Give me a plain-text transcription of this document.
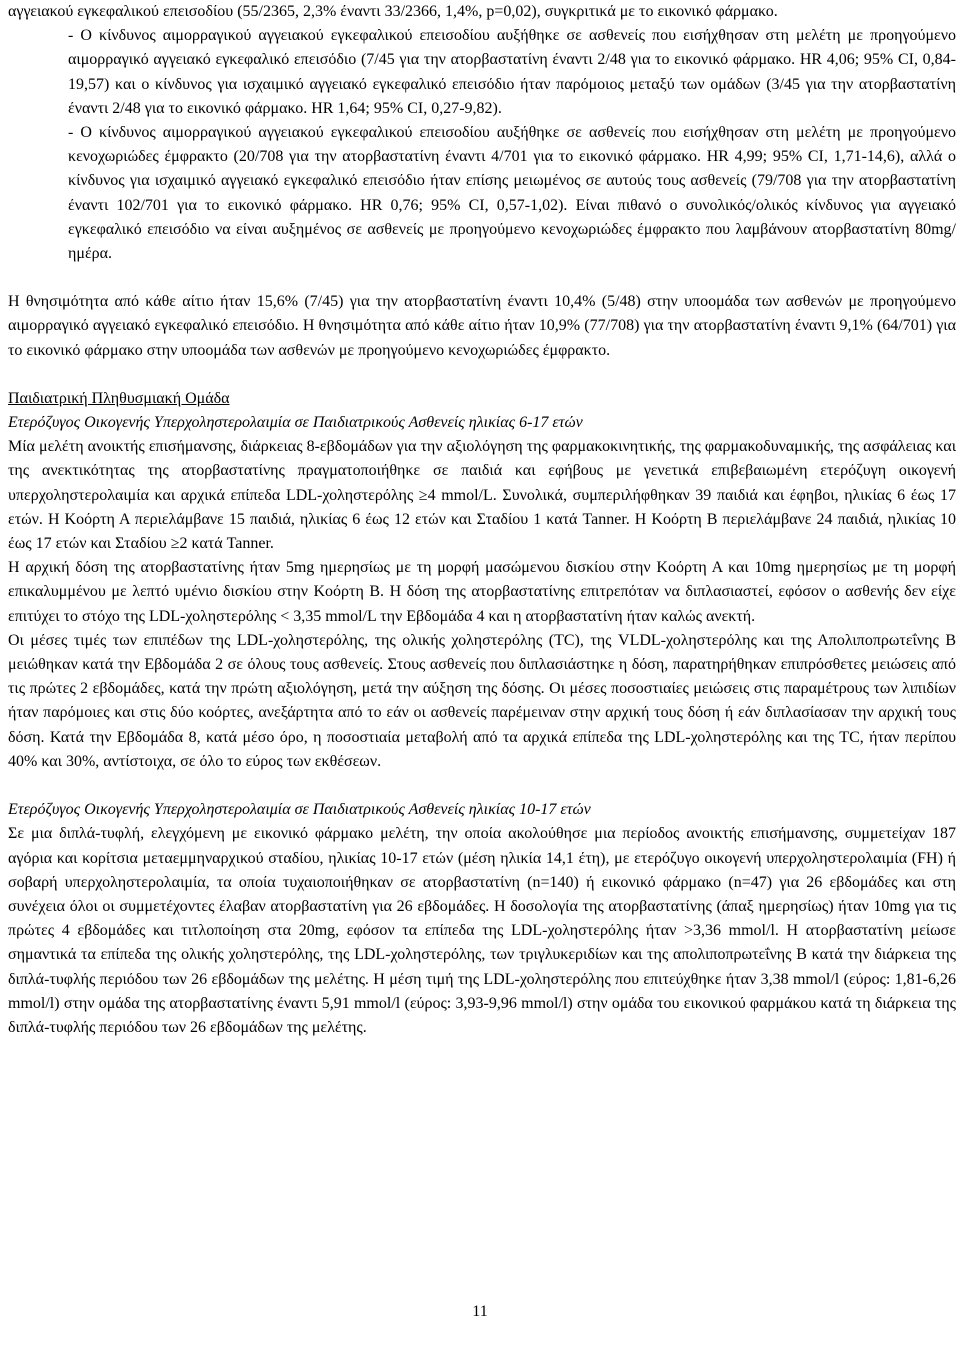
αγγειακού εγκεφαλικού επεισοδίου (55/2365, 2,3% έναντι 33/2366, 1,4%, p=0,02), συγκριτικά με το εικονικό φάρμακο.

- Ο κίνδυνος αιμορραγικού αγγειακού εγκεφαλικού επεισοδίου αυξήθηκε σε ασθενείς που εισήχθησαν στη μελέτη με προηγούμενο αιμορραγικό αγγειακό εγκεφαλικό επεισόδιο (7/45 για την ατορβαστατίνη έναντι 2/48 για το εικονικό φάρμακο. HR 4,06; 95% CI, 0,84-19,57) και ο κίνδυνος για ισχαιμικό αγγειακό εγκεφαλικό επεισόδιο ήταν παρόμοιος μεταξύ των ομάδων (3/45 για την ατορβαστατίνη έναντι 2/48 για το εικονικό φάρμακο. HR 1,64; 95% CI, 0,27-9,82).

- Ο κίνδυνος αιμορραγικού αγγειακού εγκεφαλικού επεισοδίου αυξήθηκε σε ασθενείς που εισήχθησαν στη μελέτη με προηγούμενο κενοχωριώδες έμφρακτο (20/708 για την ατορβαστατίνη έναντι 4/701 για το εικονικό φάρμακο. HR 4,99; 95% CI, 1,71-14,6), αλλά ο κίνδυνος για ισχαιμικό αγγειακό εγκεφαλικό επεισόδιο ήταν επίσης μειωμένος σε αυτούς τους ασθενείς (79/708 για την ατορβαστατίνη έναντι 102/701 για το εικονικό φάρμακο. HR 0,76; 95% CI, 0,57-1,02). Είναι πιθανό ο συνολικός/ολικός κίνδυνος για αγγειακό εγκεφαλικό επεισόδιο να είναι αυξημένος σε ασθενείς με προηγούμενο κενοχωριώδες έμφρακτο που λαμβάνουν ατορβαστατίνη 80mg/ημέρα.

Η θνησιμότητα από κάθε αίτιο ήταν 15,6% (7/45) για την ατορβαστατίνη έναντι 10,4% (5/48) στην υποομάδα των ασθενών με προηγούμενο αιμορραγικό αγγειακό εγκεφαλικό επεισόδιο. Η θνησιμότητα από κάθε αίτιο ήταν 10,9% (77/708) για την ατορβαστατίνη έναντι 9,1% (64/701) για το εικονικό φάρμακο στην υποομάδα των ασθενών με προηγούμενο κενοχωριώδες έμφρακτο.

Παιδιατρική Πληθυσμιακή Ομάδα

Ετερόζυγος Οικογενής Υπερχοληστερολαιμία σε Παιδιατρικούς Ασθενείς ηλικίας 6-17 ετών

Μία μελέτη ανοικτής επισήμανσης, διάρκειας 8-εβδομάδων για την αξιολόγηση της φαρμακοκινητικής, της φαρμακοδυναμικής, της ασφάλειας και της ανεκτικότητας της ατορβαστατίνης πραγματοποιήθηκε σε παιδιά και εφήβους με γενετικά επιβεβαιωμένη ετερόζυγη οικογενή υπερχοληστερολαιμία και αρχικά επίπεδα LDL-χοληστερόλης ≥4 mmol/L. Συνολικά, συμπεριλήφθηκαν 39 παιδιά και έφηβοι, ηλικίας 6 έως 17 ετών. Η Κοόρτη Α περιελάμβανε 15 παιδιά, ηλικίας 6 έως 12 ετών και Σταδίου 1 κατά Tanner. Η Κοόρτη Β περιελάμβανε 24 παιδιά, ηλικίας 10 έως 17 ετών και Σταδίου ≥2 κατά Tanner.

Η αρχική δόση της ατορβαστατίνης ήταν 5mg ημερησίως με τη μορφή μασώμενου δισκίου στην Κοόρτη Α και 10mg ημερησίως με τη μορφή επικαλυμμένου με λεπτό υμένιο δισκίου στην Κοόρτη Β. Η δόση της ατορβαστατίνης επιτρεπόταν να διπλασιαστεί, εφόσον ο ασθενής δεν είχε επιτύχει το στόχο της LDL-χοληστερόλης < 3,35 mmol/L την Εβδομάδα 4 και η ατορβαστατίνη ήταν καλώς ανεκτή.

Οι μέσες τιμές των επιπέδων της LDL-χοληστερόλης, της ολικής χοληστερόλης (TC), της VLDL-χοληστερόλης και της Απολιποπρωτεΐνης Β μειώθηκαν κατά την Εβδομάδα 2 σε όλους τους ασθενείς. Στους ασθενείς που διπλασιάστηκε η δόση, παρατηρήθηκαν επιπρόσθετες μειώσεις από τις πρώτες 2 εβδομάδες, κατά την πρώτη αξιολόγηση, μετά την αύξηση της δόσης. Οι μέσες ποσοστιαίες μειώσεις στις παραμέτρους των λιπιδίων ήταν παρόμοιες και στις δύο κοόρτες, ανεξάρτητα από το εάν οι ασθενείς παρέμειναν στην αρχική τους δόση ή εάν διπλασίασαν την αρχική τους δόση. Κατά την Εβδομάδα 8, κατά μέσο όρο, η ποσοστιαία μεταβολή από τα αρχικά επίπεδα της LDL-χοληστερόλης και της TC, ήταν περίπου 40% και 30%, αντίστοιχα, σε όλο το εύρος των εκθέσεων.

Ετερόζυγος Οικογενής Υπερχοληστερολαιμία σε Παιδιατρικούς Ασθενείς ηλικίας 10-17 ετών

Σε μια διπλά-τυφλή, ελεγχόμενη με εικονικό φάρμακο μελέτη, την οποία ακολούθησε μια περίοδος ανοικτής επισήμανσης, συμμετείχαν 187 αγόρια και κορίτσια μεταεμμηναρχικού σταδίου, ηλικίας 10-17 ετών (μέση ηλικία 14,1 έτη), με ετερόζυγο οικογενή υπερχοληστερολαιμία (FH) ή σοβαρή υπερχοληστερολαιμία, τα οποία τυχαιοποιήθηκαν σε ατορβαστατίνη (n=140) ή εικονικό φάρμακο (n=47) για 26 εβδομάδες και στη συνέχεια όλοι οι συμμετέχοντες έλαβαν ατορβαστατίνη για 26 εβδομάδες. Η δοσολογία της ατορβαστατίνης (άπαξ ημερησίως) ήταν 10mg για τις πρώτες 4 εβδομάδες και τιτλοποίηση στα 20mg, εφόσον τα επίπεδα της LDL-χοληστερόλης ήταν >3,36 mmol/l. Η ατορβαστατίνη μείωσε σημαντικά τα επίπεδα της ολικής χοληστερόλης, της LDL-χοληστερόλης, των τριγλυκεριδίων και της απολιποπρωτεΐνης Β κατά την διάρκεια της διπλά-τυφλής περιόδου των 26 εβδομάδων της μελέτης. Η μέση τιμή της LDL-χοληστερόλης που επιτεύχθηκε ήταν 3,38 mmol/l (εύρος: 1,81-6,26 mmol/l) στην ομάδα της ατορβαστατίνης έναντι 5,91 mmol/l (εύρος: 3,93-9,96 mmol/l) στην ομάδα του εικονικού φαρμάκου κατά τη διάρκεια της διπλά-τυφλής περιόδου των 26 εβδομάδων της μελέτης.

11
